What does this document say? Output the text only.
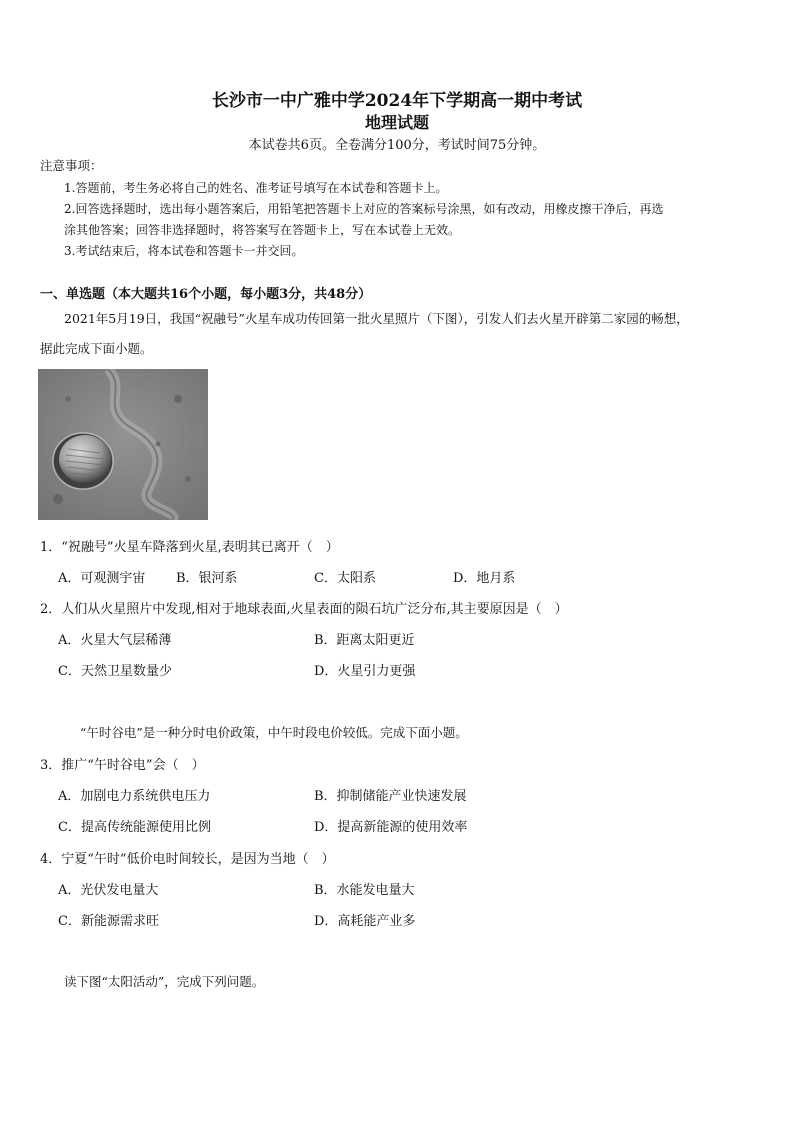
长沙市一中广雅中学2024年下学期高一期中考试
地理试题
本试卷共6页。全卷满分100分，考试时间75分钟。
注意事项：
1.答题前，考生务必将自己的姓名、准考证号填写在本试卷和答题卡上。
2.回答选择题时，选出每小题答案后，用铅笔把答题卡上对应的答案标号涂黑，如有改动，用橡皮擦干净后，再选
涂其他答案；回答非选择题时，将答案写在答题卡上，写在本试卷上无效。
3.考试结束后，将本试卷和答题卡一并交回。
一、单选题（本大题共16个小题，每小题3分，共48分）
2021年5月19日，我国“祝融号”火星车成功传回第一批火星照片（下图），引发人们去火星开辟第二家园的畅想，
据此完成下面小题。
1．“祝融号”火星车降落到火星,表明其已离开（　）
A．可观测宇宙 B．银河系	C．太阳系	D．地月系
2．人们从火星照片中发现,相对于地球表面,火星表面的陨石坑广泛分布,其主要原因是（　）
A．火星大气层稀薄	B．距离太阳更近
C．天然卫星数量少	D．火星引力更强
“午时谷电”是一种分时电价政策，中午时段电价较低。完成下面小题。
3．推广“午时谷电”会（　）
A．加剧电力系统供电压力	B．抑制储能产业快速发展
C．提高传统能源使用比例	D．提高新能源的使用效率
4．宁夏“午时”低价电时间较长，是因为当地（　）
A．光伏发电量大	B．水能发电量大
C．新能源需求旺	D．高耗能产业多
读下图“太阳活动”，完成下列问题。
